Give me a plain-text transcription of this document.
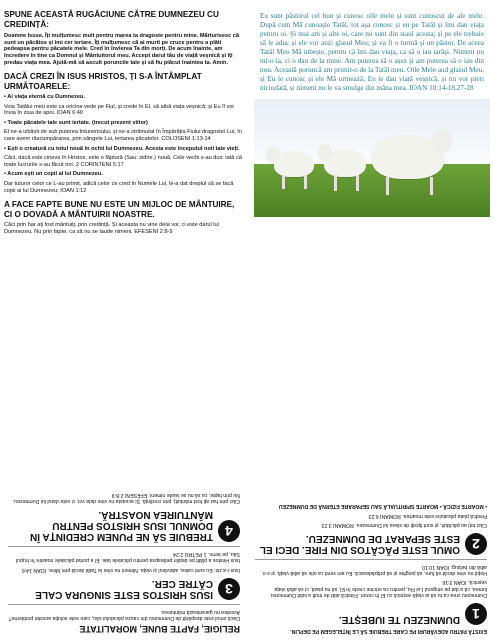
SPUNE ACEASTĂ RUGĂCIUNE CĂTRE DUMNEZEU CU CREDINȚĂ:
Doamne Isuse, Îți mulțumesc mult pentru marea ta dragoste pentru mine. Mărturisesc că sunt un păcătos și îmi cer iertare. Îți mulțumesc că ai murit pe cruce pentru a plăti pedeapsa pentru păcatele mele. Cred în învierea Ta din morți. De acum înainte, am încredere în tine ca Domnul și Mântuitorul meu. Accept darul tău de viață veșnică și îți predau viața mea. Ajută-mă să ascult poruncile tale și să fiu plăcut înaintea ta. Amin.
DACĂ CREZI ÎN ISUS HRISTOS, ȚI S-A ÎNTÂMPLAT URMĂTOARELE:
• Ai viața eternă cu Dumnezeu.
Voia Tatălui meu este ca oricine vede pe Fiul, și crede în El, să aibă viața veșnică; și Eu îl voi învia în ziua de apoi. IOAN 6:40
• Toate păcatele tale sunt iertate. (trecut prezent viitor)
El ne-a izbăvit de sub puterea întunericului, și ne-a strămutat în Împărăția Fiului dragostei Lui, în care avem răscumpărarea, prin sângele Lui, iertarea păcatelor. COLOSENI 1:13-14
• Ești o creatură cu totul nouă în ochii lui Dumnezeu. Acesta este începutul noii tale vieți.
Căci, dacă este cineva în Hristos, este o făptură (Sau: zidire.) nouă. Cele vechi s-au dus: iată că toate lucrurile s-au făcut noi. 2 CORINTENI 5:17
• Acum ești un copil al lui Dumnezeu.
Dar tuturor celor ce L-au primit, adică celor ce cred în Numele Lui, le-a dat dreptul să se facă copii ai lui Dumnezeu; IOAN 1:12
A FACE FAPTE BUNE NU ESTE UN MIJLOC DE MÂNTUIRE, CI O DOVADĂ A MÂNTUIRII NOASTRE.
Căci prin har ați fost mântuiți, prin credință. Și aceasta nu vine dela voi; ci este darul lui Dumnezeu. Nu prin fapte, ca să nu se laude nimeni. EFESENI 2:8-9
Eu sunt păstorul cel bun și cunosc oile mele și sunt cunoscut de ale mele. După cum Mă cunoaște Tatăl, tot așa cunosc și eu pe Tatăl și îmi dau viața pentru oi. Și mai am și alte oi, care nu sunt din staul acesta; și pe ele trebuie să le aduc și ele vor auzi glasul Meu; și va fi o turmă și un păstor. De aceea Tatăl Meu Mă iubește, pentru că îmi dau viața, ca să o iau iarăși. Nimeni nu mi-o ia, ci o dau de la mine. Am puterea să o așez și am puterea să o iau din nou. Această poruncă am primit-o de la Tatăl meu. Oile Mele aud glasul Meu, și Eu le cunosc și ele Mă urmează; Eu le dau viață veșnică, și nu vor pieri niciodată, și nimeni nu le va smulge din mâna mea. IOAN 10:14-18,27-28
EXISTĂ PATRU ADEVĂRURI PE CARE TREBUIE SĂ LE ÎNȚELEGEM PE DEPLIN.
1
DUMNEZEU TE IUBEȘTE.
Dumnezeu vrea ca tu să ai viață veșnică cu El în ceruri. Fiindcă atât de mult a iubit Dumnezeu lumea, că a dat pe singurul Lui Fiu, pentru ca oricine crede în El, să nu piară, ci să aibă viața veșnică. IOAN 3:16
Hoțul nu vine decât să fure, să junghie și să prăpădească. Eu am venit ca oile să aibă viață, și s-o aibă din belșug. IOAN 10:10
2
OMUL ESTE PĂCĂTOS DIN FIRE. DECI EL ESTE SEPARAT DE DUMNEZEU.
Căci toți au păcătuit, și sunt lipsiți de slava lui Dumnezeu. ROMANI 3:23
Fiindcă plata păcatului este moartea. ROMANI 6:23
• MOARTE FIZICĂ • MOARTE SPIRITUALĂ SAU SEPARARE ETERNĂ DE DUMNEZEU
RELIGIE, FAPTE BUNE, MORALITATE
Dacă omul este despărțit de Dumnezeu din cauza păcatului său, care este soluția acestei probleme? Acestea nu garantează mântuirea.
3
ISUS HRISTOS ESTE SINGURA CALE CĂTRE CER.
Isus i-a zis: Eu sunt calea, adevărul și viața. Nimeni nu vine la Tatăl decât prin Mine. IOAN 14:6
Isus Hristos a plătit pe deplin pedeapsa pentru păcatele tale. El a purtat păcatele noastre în trupul Său, pe lemn. 1 PETRU 2:24
4
TREBUIE SĂ NE PUNEM CREDINȚA ÎN DOMNUL ISUS HRISTOS PENTRU MÂNTUIREA NOASTRĂ.
Căci prin har ați fost mântuiți, prin credință. Și aceasta nu vine dela voi; ci este darul lui Dumnezeu. Nu prin fapte, ca să nu se laude nimeni. EFESENI 2:8-9
